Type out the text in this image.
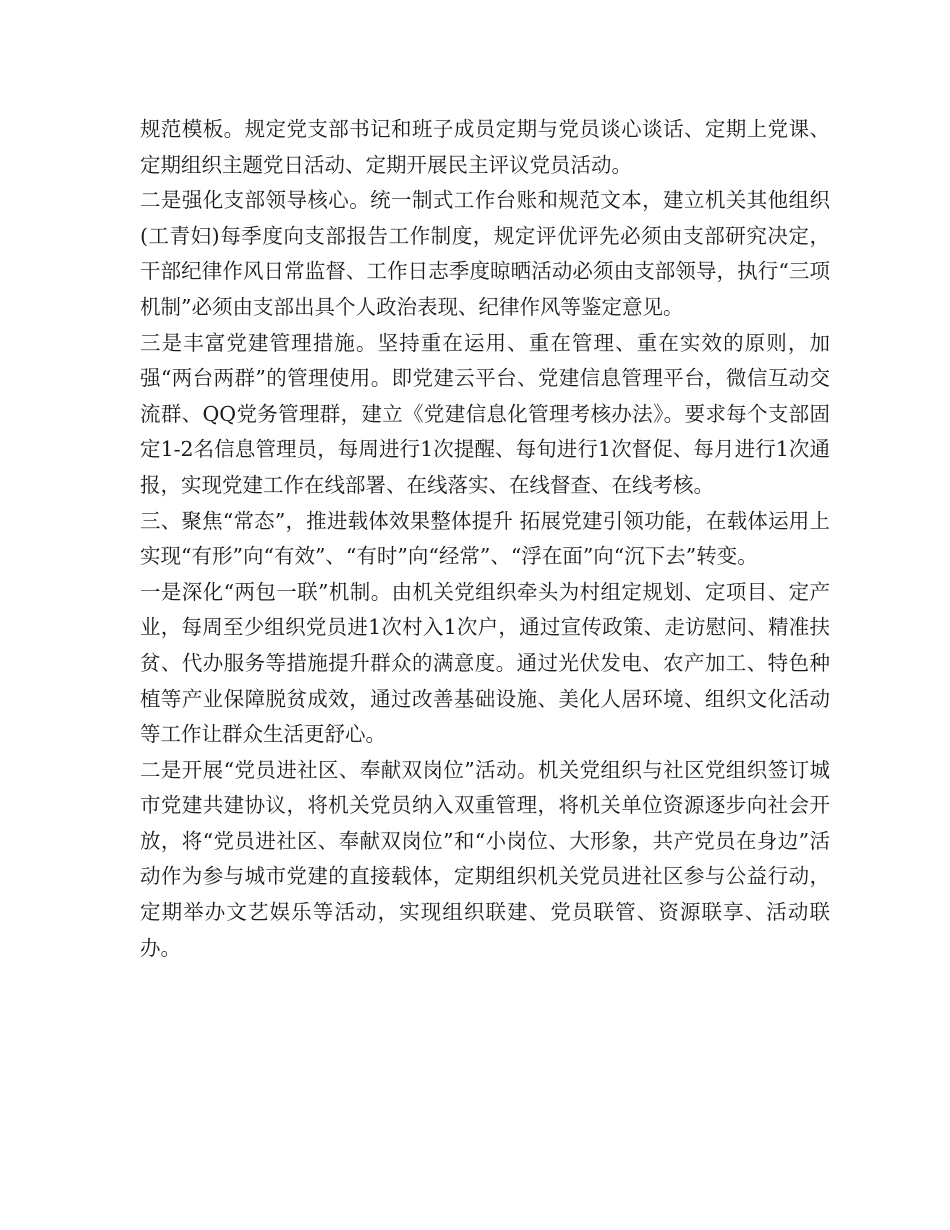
规范模板。规定党支部书记和班子成员定期与党员谈心谈话、定期上党课、定期组织主题党日活动、定期开展民主评议党员活动。

二是强化支部领导核心。统一制式工作台账和规范文本，建立机关其他组织(工青妇)每季度向支部报告工作制度，规定评优评先必须由支部研究决定，干部纪律作风日常监督、工作日志季度晾晒活动必须由支部领导，执行“三项机制”必须由支部出具个人政治表现、纪律作风等鉴定意见。

三是丰富党建管理措施。坚持重在运用、重在管理、重在实效的原则，加强“两台两群”的管理使用。即党建云平台、党建信息管理平台，微信互动交流群、QQ党务管理群，建立《党建信息化管理考核办法》。要求每个支部固定1-2名信息管理员，每周进行1次提醒、每旬进行1次督促、每月进行1次通报，实现党建工作在线部署、在线落实、在线督查、在线考核。

三、聚焦“常态”，推进载体效果整体提升 拓展党建引领功能，在载体运用上实现“有形”向“有效”、“有时”向“经常”、“浮在面”向“沉下去”转变。

一是深化“两包一联”机制。由机关党组织牵头为村组定规划、定项目、定产业，每周至少组织党员进1次村入1次户，通过宣传政策、走访慰问、精准扶贫、代办服务等措施提升群众的满意度。通过光伏发电、农产加工、特色种植等产业保障脱贫成效，通过改善基础设施、美化人居环境、组织文化活动等工作让群众生活更舒心。

二是开展“党员进社区、奉献双岗位”活动。机关党组织与社区党组织签订城市党建共建协议，将机关党员纳入双重管理，将机关单位资源逐步向社会开放，将“党员进社区、奉献双岗位”和“小岗位、大形象，共产党员在身边”活动作为参与城市党建的直接载体，定期组织机关党员进社区参与公益行动，定期举办文艺娱乐等活动，实现组织联建、党员联管、资源联享、活动联办。
